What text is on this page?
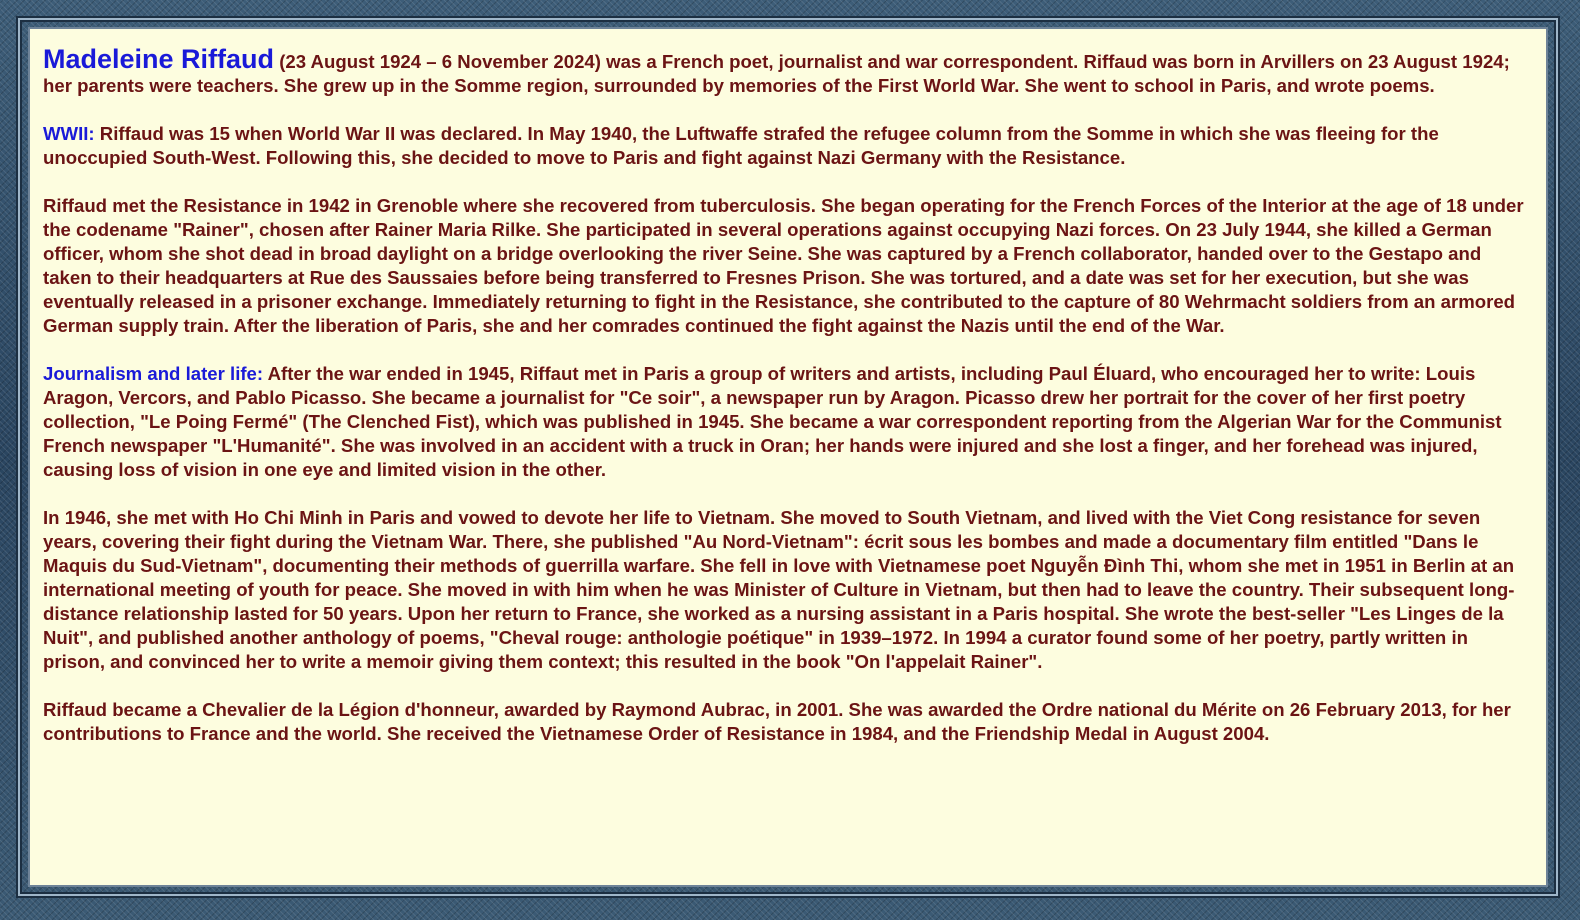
Madeleine Riffaud (23 August 1924 – 6 November 2024) was a French poet, journalist and war correspondent. Riffaud was born in Arvillers on 23 August 1924; her parents were teachers. She grew up in the Somme region, surrounded by memories of the First World War. She went to school in Paris, and wrote poems.

WWII: Riffaud was 15 when World War II was declared. In May 1940, the Luftwaffe strafed the refugee column from the Somme in which she was fleeing for the unoccupied South-West. Following this, she decided to move to Paris and fight against Nazi Germany with the Resistance.

Riffaud met the Resistance in 1942 in Grenoble where she recovered from tuberculosis. She began operating for the French Forces of the Interior at the age of 18 under the codename "Rainer", chosen after Rainer Maria Rilke. She participated in several operations against occupying Nazi forces. On 23 July 1944, she killed a German officer, whom she shot dead in broad daylight on a bridge overlooking the river Seine. She was captured by a French collaborator, handed over to the Gestapo and taken to their headquarters at Rue des Saussaies before being transferred to Fresnes Prison. She was tortured, and a date was set for her execution, but she was eventually released in a prisoner exchange. Immediately returning to fight in the Resistance, she contributed to the capture of 80 Wehrmacht soldiers from an armored German supply train. After the liberation of Paris, she and her comrades continued the fight against the Nazis until the end of the War.

Journalism and later life: After the war ended in 1945, Riffaut met in Paris a group of writers and artists, including Paul Éluard, who encouraged her to write: Louis Aragon, Vercors, and Pablo Picasso. She became a journalist for "Ce soir", a newspaper run by Aragon. Picasso drew her portrait for the cover of her first poetry collection, "Le Poing Fermé" (The Clenched Fist), which was published in 1945. She became a war correspondent reporting from the Algerian War for the Communist French newspaper "L'Humanité". She was involved in an accident with a truck in Oran; her hands were injured and she lost a finger, and her forehead was injured, causing loss of vision in one eye and limited vision in the other.

In 1946, she met with Ho Chi Minh in Paris and vowed to devote her life to Vietnam. She moved to South Vietnam, and lived with the Viet Cong resistance for seven years, covering their fight during the Vietnam War. There, she published "Au Nord-Vietnam": écrit sous les bombes and made a documentary film entitled "Dans le Maquis du Sud-Vietnam", documenting their methods of guerrilla warfare. She fell in love with Vietnamese poet Nguyễn Đình Thi, whom she met in 1951 in Berlin at an international meeting of youth for peace. She moved in with him when he was Minister of Culture in Vietnam, but then had to leave the country. Their subsequent long-distance relationship lasted for 50 years. Upon her return to France, she worked as a nursing assistant in a Paris hospital. She wrote the best-seller "Les Linges de la Nuit", and published another anthology of poems, "Cheval rouge: anthologie poétique" in 1939–1972. In 1994 a curator found some of her poetry, partly written in prison, and convinced her to write a memoir giving them context; this resulted in the book "On l'appelait Rainer".

Riffaud became a Chevalier de la Légion d'honneur, awarded by Raymond Aubrac, in 2001. She was awarded the Ordre national du Mérite on 26 February 2013, for her contributions to France and the world. She received the Vietnamese Order of Resistance in 1984, and the Friendship Medal in August 2004.
